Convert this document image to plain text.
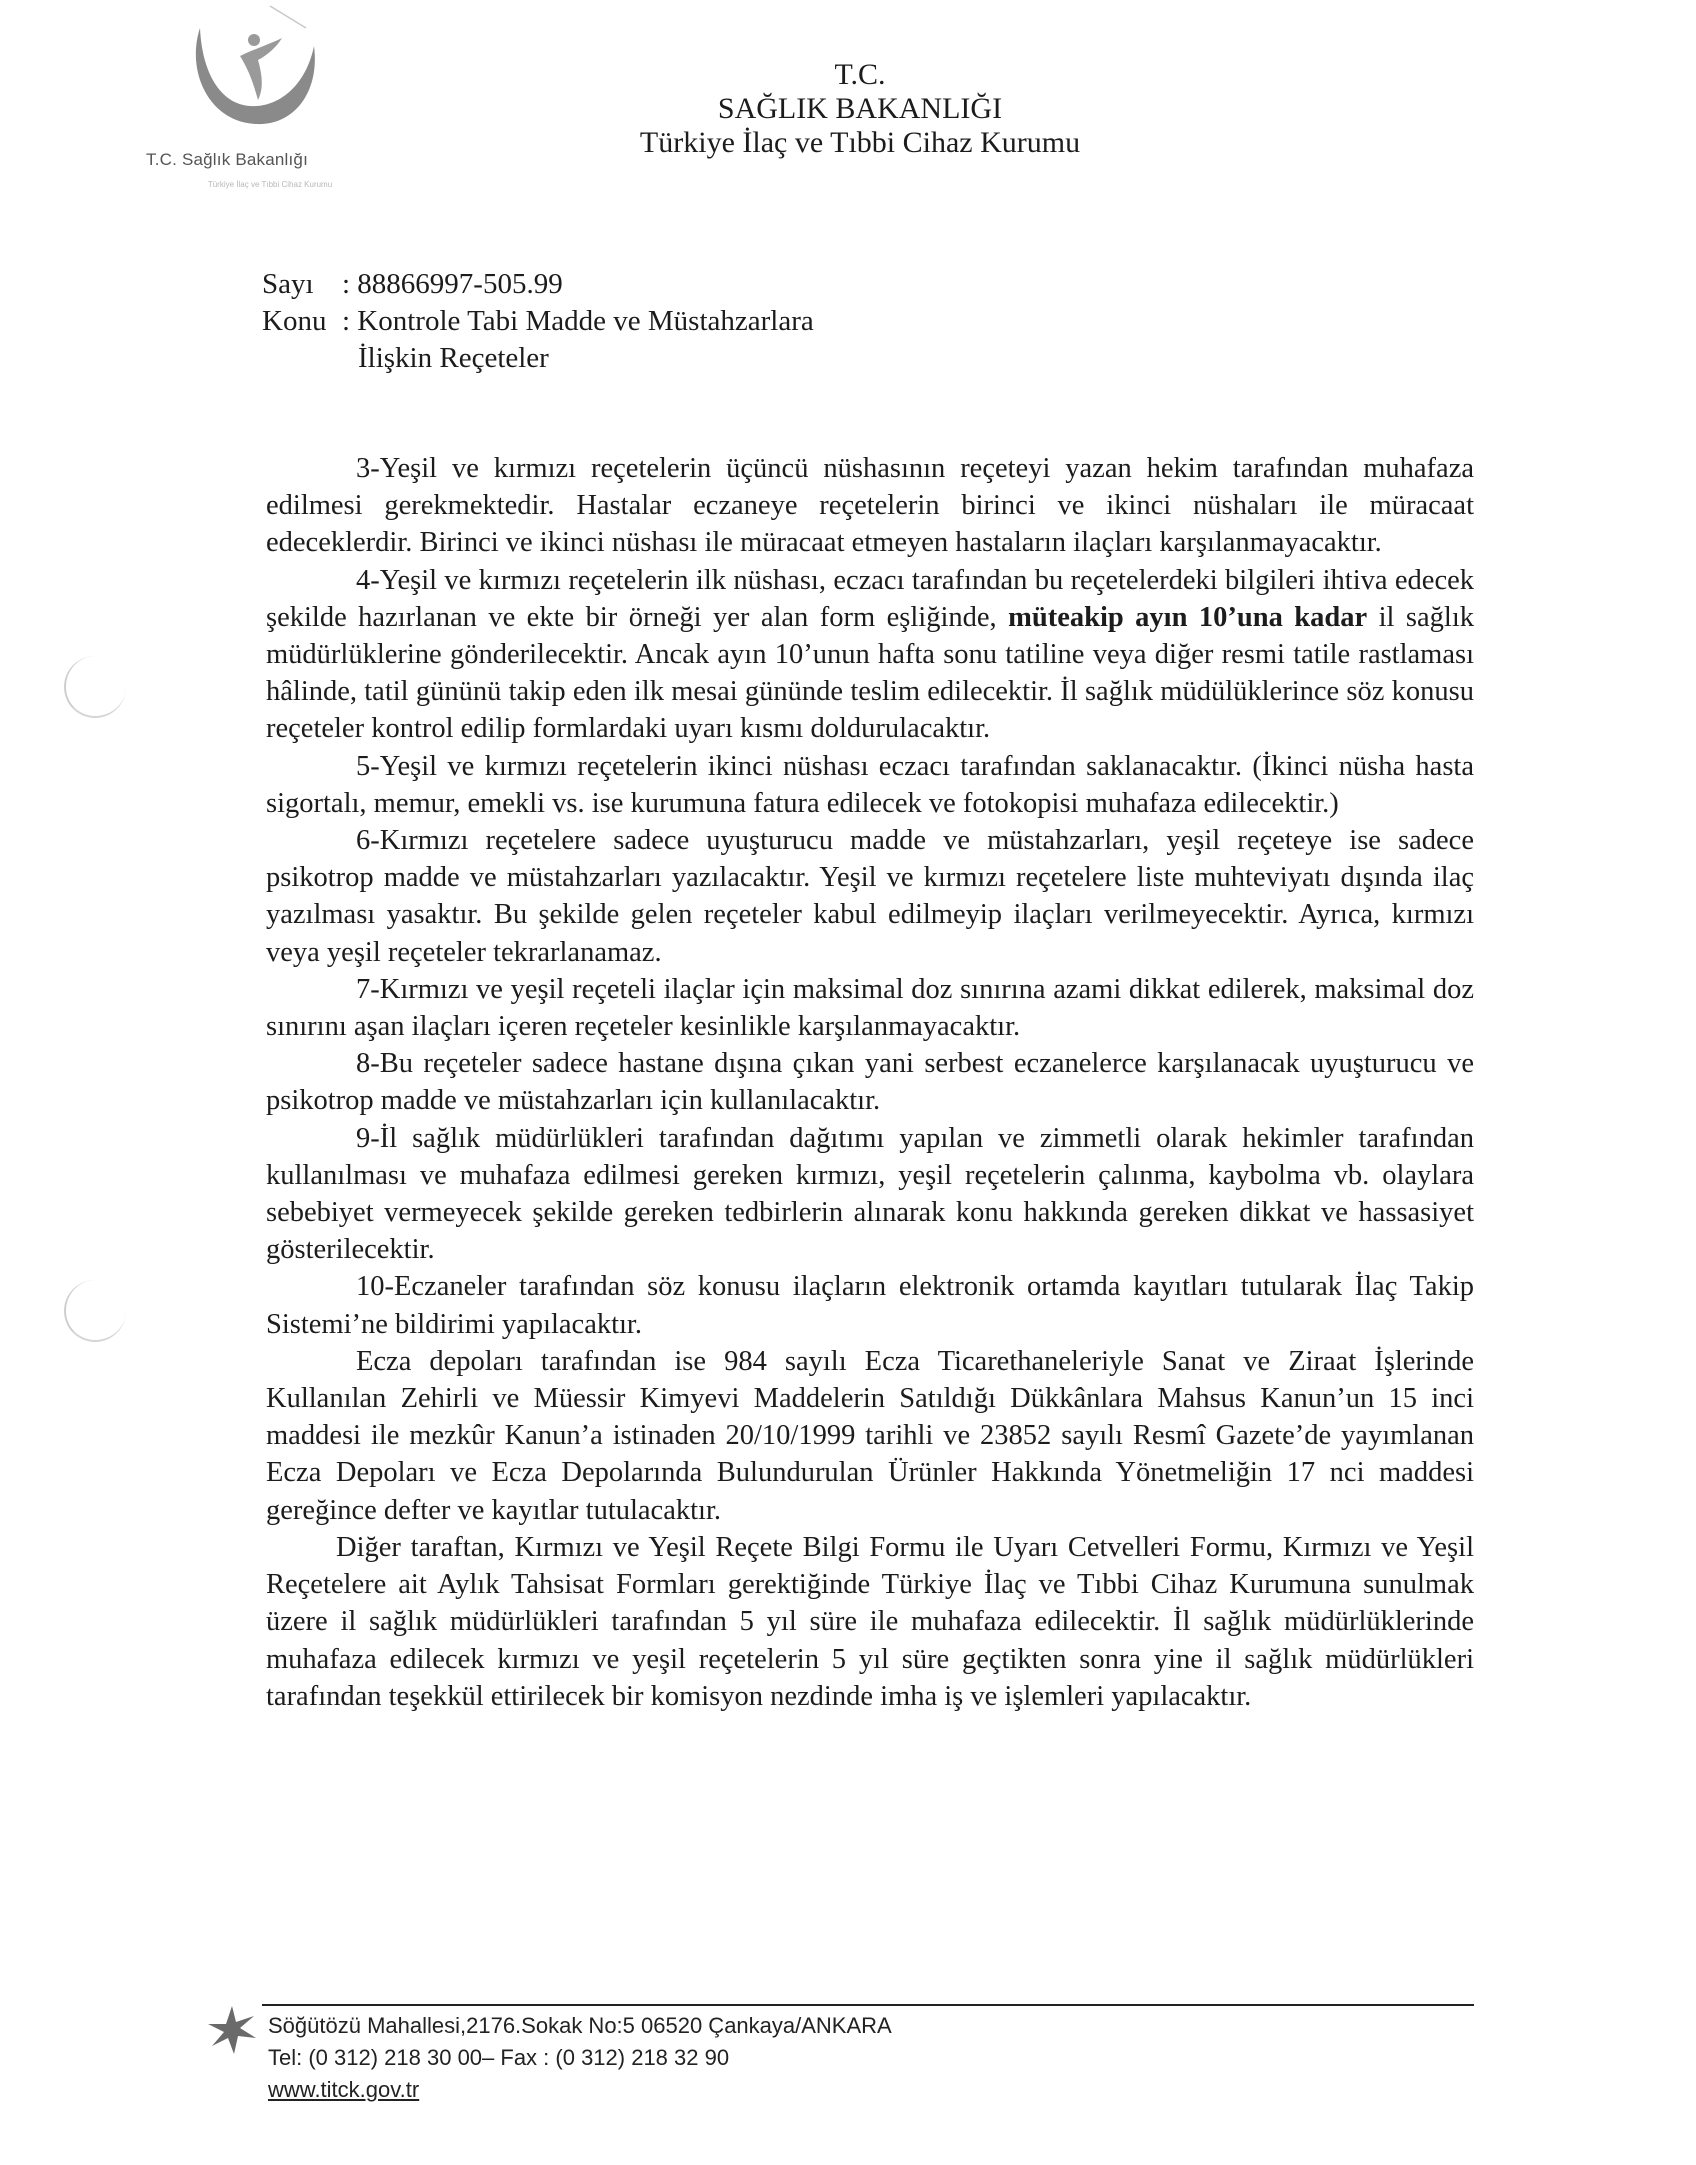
T.C. Sağlık Bakanlığı
Türkiye İlaç ve Tıbbi Cihaz Kurumu
T.C.
SAĞLIK BAKANLIĞI
Türkiye İlaç ve Tıbbi Cihaz Kurumu
Sayı : 88866997-505.99
Konu : Kontrole Tabi Madde ve Müstahzarlara
İlişkin Reçeteler

3-Yeşil ve kırmızı reçetelerin üçüncü nüshasının reçeteyi yazan hekim tarafından muhafaza edilmesi gerekmektedir. Hastalar eczaneye reçetelerin birinci ve ikinci nüshaları ile müracaat edeceklerdir. Birinci ve ikinci nüshası ile müracaat etmeyen hastaların ilaçları karşılanmayacaktır.

4-Yeşil ve kırmızı reçetelerin ilk nüshası, eczacı tarafından bu reçetelerdeki bilgileri ihtiva edecek şekilde hazırlanan ve ekte bir örneği yer alan form eşliğinde, müteakip ayın 10’una kadar il sağlık müdürlüklerine gönderilecektir. Ancak ayın 10’unun hafta sonu tatiline veya diğer resmi tatile rastlaması hâlinde, tatil gününü takip eden ilk mesai gününde teslim edilecektir. İl sağlık müdülüklerince söz konusu reçeteler kontrol edilip formlardaki uyarı kısmı doldurulacaktır.

5-Yeşil ve kırmızı reçetelerin ikinci nüshası eczacı tarafından saklanacaktır. (İkinci nüsha hasta sigortalı, memur, emekli vs. ise kurumuna fatura edilecek ve fotokopisi muhafaza edilecektir.)

6-Kırmızı reçetelere sadece uyuşturucu madde ve müstahzarları, yeşil reçeteye ise sadece psikotrop madde ve müstahzarları yazılacaktır. Yeşil ve kırmızı reçetelere liste muhteviyatı dışında ilaç yazılması yasaktır. Bu şekilde gelen reçeteler kabul edilmeyip ilaçları verilmeyecektir. Ayrıca, kırmızı veya yeşil reçeteler tekrarlanamaz.

7-Kırmızı ve yeşil reçeteli ilaçlar için maksimal doz sınırına azami dikkat edilerek, maksimal doz sınırını aşan ilaçları içeren reçeteler kesinlikle karşılanmayacaktır.

8-Bu reçeteler sadece hastane dışına çıkan yani serbest eczanelerce karşılanacak uyuşturucu ve psikotrop madde ve müstahzarları için kullanılacaktır.

9-İl sağlık müdürlükleri tarafından dağıtımı yapılan ve zimmetli olarak hekimler tarafından kullanılması ve muhafaza edilmesi gereken kırmızı, yeşil reçetelerin çalınma, kaybolma vb. olaylara sebebiyet vermeyecek şekilde gereken tedbirlerin alınarak konu hakkında gereken dikkat ve hassasiyet gösterilecektir.

10-Eczaneler tarafından söz konusu ilaçların elektronik ortamda kayıtları tutularak İlaç Takip Sistemi’ne bildirimi yapılacaktır.

Ecza depoları tarafından ise 984 sayılı Ecza Ticarethaneleriyle Sanat ve Ziraat İşlerinde Kullanılan Zehirli ve Müessir Kimyevi Maddelerin Satıldığı Dükkânlara Mahsus Kanun’un 15 inci maddesi ile mezkûr Kanun’a istinaden 20/10/1999 tarihli ve 23852 sayılı Resmî Gazete’de yayımlanan Ecza Depoları ve Ecza Depolarında Bulundurulan Ürünler Hakkında Yönetmeliğin 17 nci maddesi gereğince defter ve kayıtlar tutulacaktır.

Diğer taraftan, Kırmızı ve Yeşil Reçete Bilgi Formu ile Uyarı Cetvelleri Formu, Kırmızı ve Yeşil Reçetelere ait Aylık Tahsisat Formları gerektiğinde Türkiye İlaç ve Tıbbi Cihaz Kurumuna sunulmak üzere il sağlık müdürlükleri tarafından 5 yıl süre ile muhafaza edilecektir. İl sağlık müdürlüklerinde muhafaza edilecek kırmızı ve yeşil reçetelerin 5 yıl süre geçtikten sonra yine il sağlık müdürlükleri tarafından teşekkül ettirilecek bir komisyon nezdinde imha iş ve işlemleri yapılacaktır.

Söğütözü Mahallesi,2176.Sokak No:5 06520 Çankaya/ANKARA
Tel: (0 312) 218 30 00– Fax : (0 312) 218 32 90
www.titck.gov.tr
